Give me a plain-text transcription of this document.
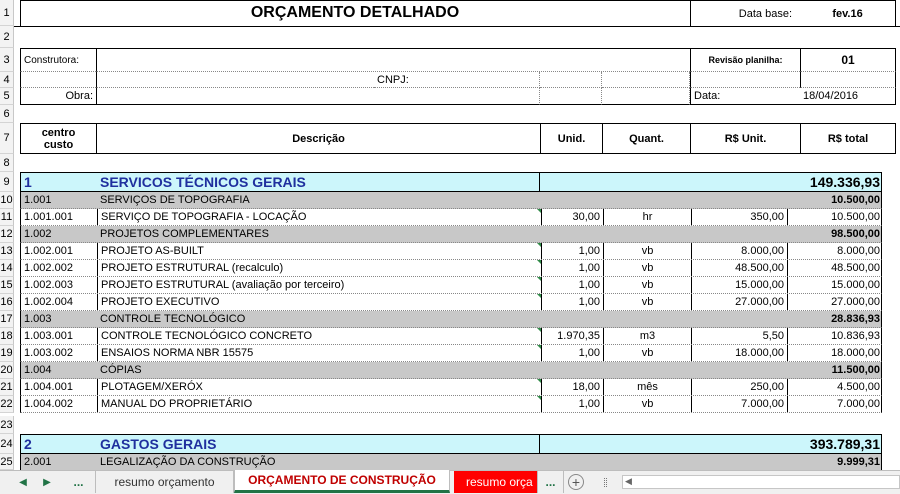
1	ORÇAMENTO DETALHADO	Data base:	fev.16
2
3	Construtora:	Revisão planilha:	01
4	CNPJ:
5	Obra:	Data:	18/04/2016
6
7	centro custo	Descrição	Unid.	Quant.	R$ Unit.	R$ total
8
9	1	SERVICOS TÉCNICOS GERAIS	149.336,93
10 1.001	SERVIÇOS DE TOPOGRAFIA	10.500,00
11 1.001.001	SERVIÇO DE TOPOGRAFIA - LOCAÇÃO	30,00	hr	350,00	10.500,00
12 1.002	PROJETOS COMPLEMENTARES	98.500,00
13 1.002.001	PROJETO AS-BUILT	1,00	vb	8.000,00	8.000,00
14 1.002.002	PROJETO ESTRUTURAL (recalculo)	1,00	vb	48.500,00	48.500,00
15 1.002.003	PROJETO ESTRUTURAL (avaliação por terceiro)	1,00	vb	15.000,00	15.000,00
16 1.002.004	PROJETO EXECUTIVO	1,00	vb	27.000,00	27.000,00
17 1.003	CONTROLE TECNOLÓGICO	28.836,93
18 1.003.001	CONTROLE TECNOLÓGICO CONCRETO	1.970,35	m3	5,50	10.836,93
19 1.003.002	ENSAIOS NORMA NBR 15575	1,00	vb	18.000,00	18.000,00
20 1.004	CÓPIAS	11.500,00
21 1.004.001	PLOTAGEM/XERÓX	18,00	mês	250,00	4.500,00
22 1.004.002	MANUAL DO PROPRIETÁRIO	1,00	vb	7.000,00	7.000,00
23
24 2	GASTOS GERAIS	393.789,31
25 2.001	LEGALIZAÇÃO DA CONSTRUÇÃO	9.999,31
◀	▶	...	resumo orçamento	ORÇAMENTO DE CONSTRUÇÃO	resumo orça	...	+	◀
